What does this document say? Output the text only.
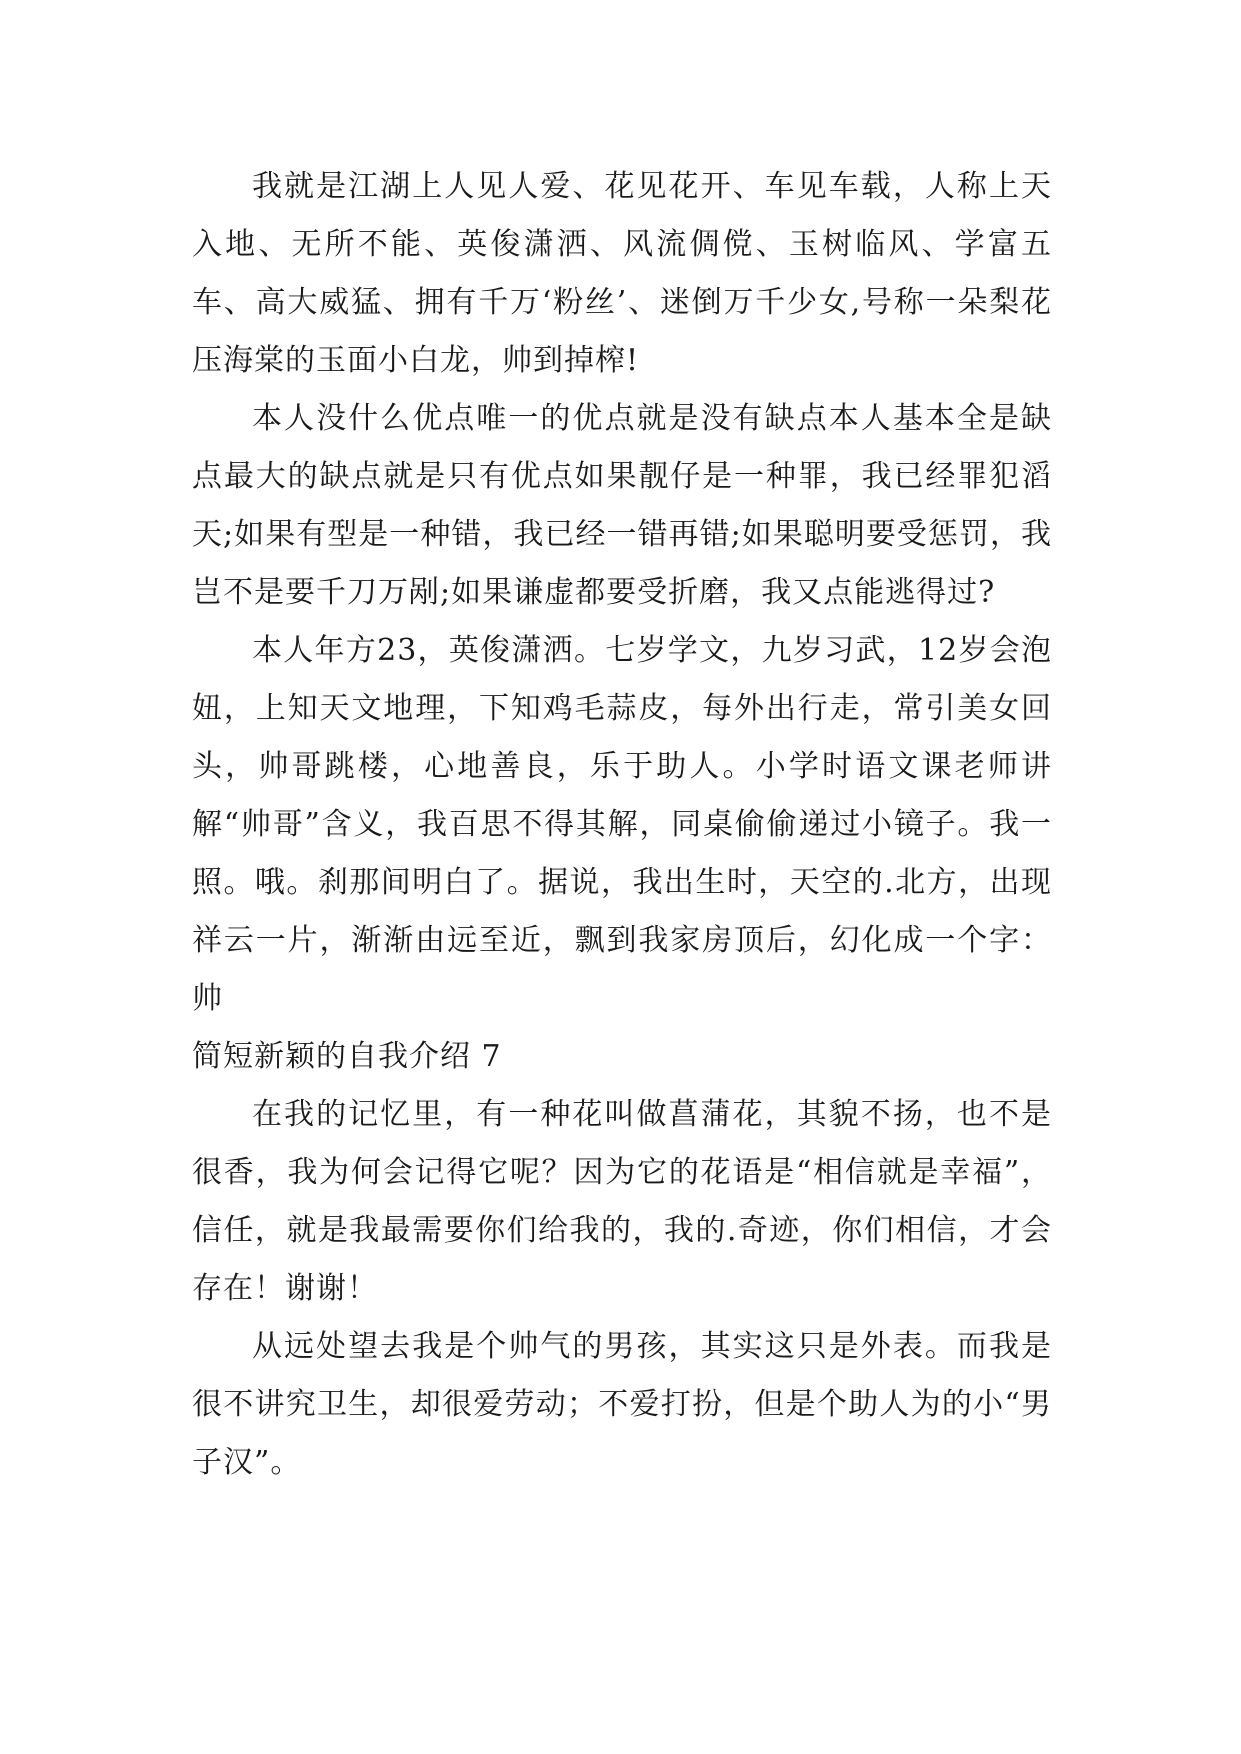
我就是江湖上人见人爱、花见花开、车见车载，人称上天入地、无所不能、英俊潇洒、风流倜傥、玉树临风、学富五车、高大威猛、拥有千万‘粉丝’、迷倒万千少女,号称一朵梨花压海棠的玉面小白龙，帅到掉榨!

本人没什么优点唯一的优点就是没有缺点本人基本全是缺点最大的缺点就是只有优点如果靓仔是一种罪，我已经罪犯滔天;如果有型是一种错，我已经一错再错;如果聪明要受惩罚，我岂不是要千刀万剐;如果谦虚都要受折磨，我又点能逃得过?

本人年方23，英俊潇洒。七岁学文，九岁习武，12岁会泡妞，上知天文地理，下知鸡毛蒜皮，每外出行走，常引美女回头，帅哥跳楼，心地善良，乐于助人。小学时语文课老师讲解“帅哥”含义，我百思不得其解，同桌偷偷递过小镜子。我一照。哦。刹那间明白了。据说，我出生时，天空的.北方，出现祥云一片，渐渐由远至近，飘到我家房顶后，幻化成一个字：帅

简短新颖的自我介绍 7

在我的记忆里，有一种花叫做菖蒲花，其貌不扬，也不是很香，我为何会记得它呢？因为它的花语是“相信就是幸福”，信任，就是我最需要你们给我的，我的.奇迹，你们相信，才会存在！谢谢！

从远处望去我是个帅气的男孩，其实这只是外表。而我是很不讲究卫生，却很爱劳动；不爱打扮，但是个助人为的小“男子汉”。
